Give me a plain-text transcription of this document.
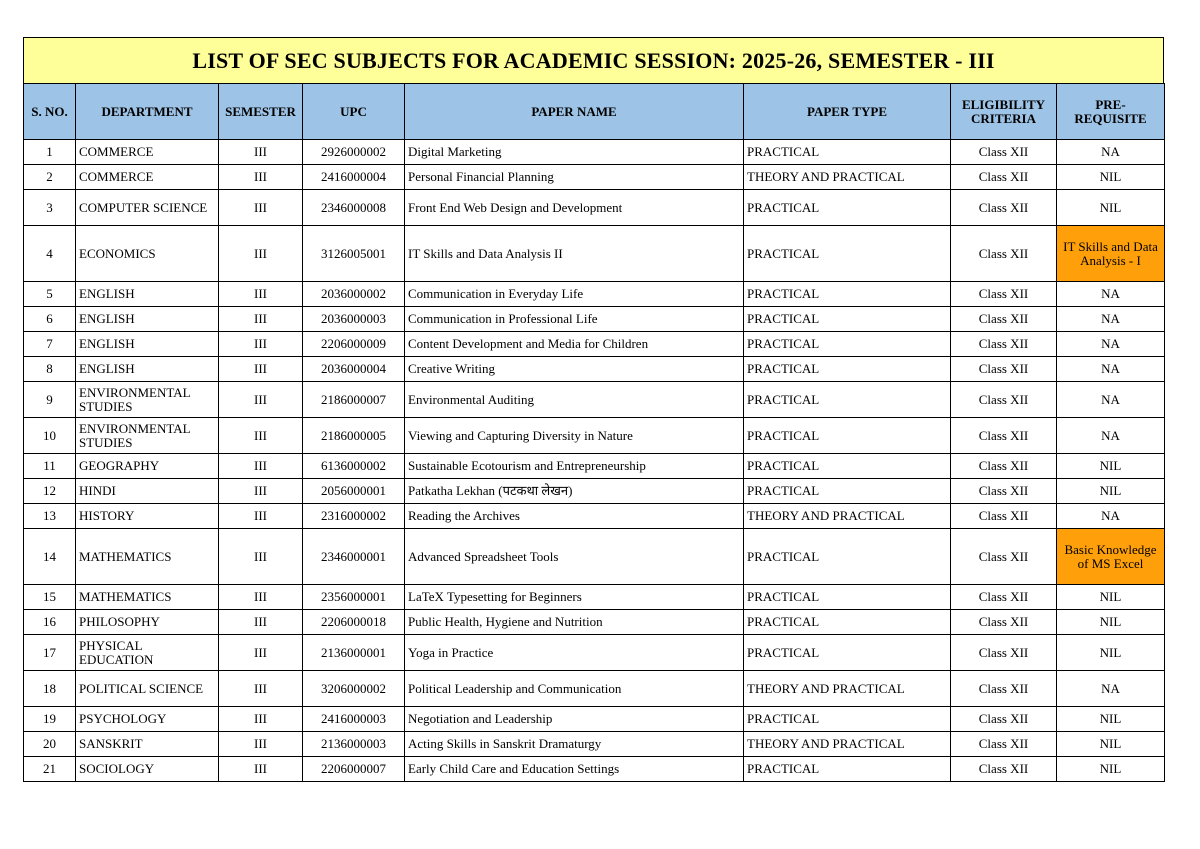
LIST OF SEC SUBJECTS FOR ACADEMIC SESSION: 2025-26, SEMESTER - III
S. NO.	DEPARTMENT	SEMESTER	UPC	PAPER NAME	PAPER TYPE	ELIGIBILITY CRITERIA	PRE-REQUISITE
1	COMMERCE	III	2926000002	Digital Marketing	PRACTICAL	Class XII	NA
2	COMMERCE	III	2416000004	Personal Financial Planning	THEORY AND PRACTICAL	Class XII	NIL
3	COMPUTER SCIENCE	III	2346000008	Front End Web Design and Development	PRACTICAL	Class XII	NIL
4	ECONOMICS	III	3126005001	IT Skills and Data Analysis II	PRACTICAL	Class XII	IT Skills and Data Analysis - I
5	ENGLISH	III	2036000002	Communication in Everyday Life	PRACTICAL	Class XII	NA
6	ENGLISH	III	2036000003	Communication in Professional Life	PRACTICAL	Class XII	NA
7	ENGLISH	III	2206000009	Content Development and Media for Children	PRACTICAL	Class XII	NA
8	ENGLISH	III	2036000004	Creative Writing	PRACTICAL	Class XII	NA
9	ENVIRONMENTAL STUDIES	III	2186000007	Environmental Auditing	PRACTICAL	Class XII	NA
10	ENVIRONMENTAL STUDIES	III	2186000005	Viewing and Capturing Diversity in Nature	PRACTICAL	Class XII	NA
11	GEOGRAPHY	III	6136000002	Sustainable Ecotourism and Entrepreneurship	PRACTICAL	Class XII	NIL
12	HINDI	III	2056000001	Patkatha Lekhan (पटकथा लेखन)	PRACTICAL	Class XII	NIL
13	HISTORY	III	2316000002	Reading the Archives	THEORY AND PRACTICAL	Class XII	NA
14	MATHEMATICS	III	2346000001	Advanced Spreadsheet Tools	PRACTICAL	Class XII	Basic Knowledge of MS Excel
15	MATHEMATICS	III	2356000001	LaTeX Typesetting for Beginners	PRACTICAL	Class XII	NIL
16	PHILOSOPHY	III	2206000018	Public Health, Hygiene and Nutrition	PRACTICAL	Class XII	NIL
17	PHYSICAL EDUCATION	III	2136000001	Yoga in Practice	PRACTICAL	Class XII	NIL
18	POLITICAL SCIENCE	III	3206000002	Political Leadership and Communication	THEORY AND PRACTICAL	Class XII	NA
19	PSYCHOLOGY	III	2416000003	Negotiation and Leadership	PRACTICAL	Class XII	NIL
20	SANSKRIT	III	2136000003	Acting Skills in Sanskrit Dramaturgy	THEORY AND PRACTICAL	Class XII	NIL
21	SOCIOLOGY	III	2206000007	Early Child Care and Education Settings	PRACTICAL	Class XII	NIL
